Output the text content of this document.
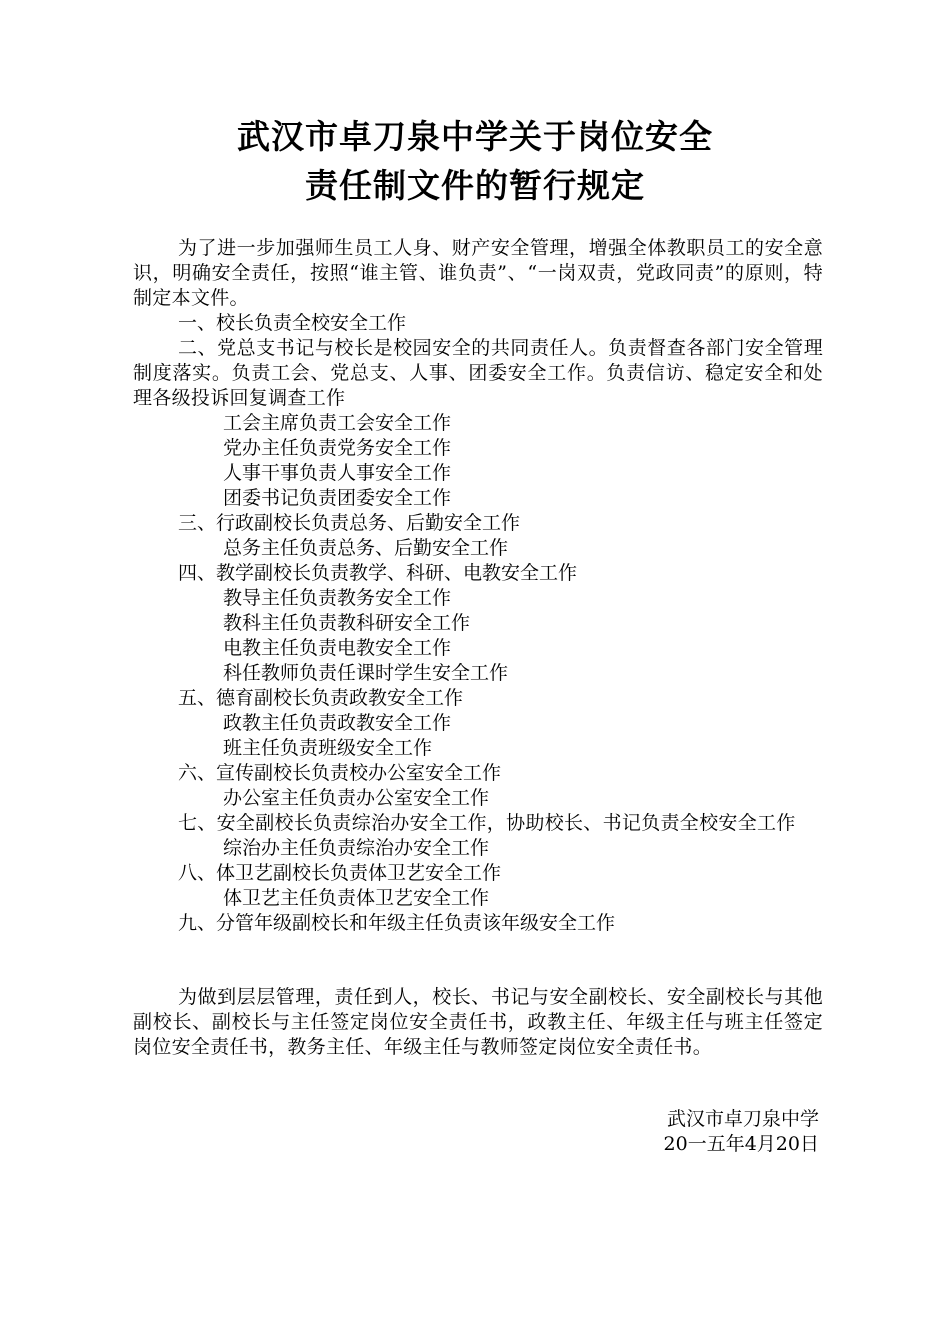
武汉市卓刀泉中学关于岗位安全
责任制文件的暂行规定

为了进一步加强师生员工人身、财产安全管理，增强全体教职员工的安全意识，明确安全责任，按照“谁主管、谁负责”、“一岗双责，党政同责”的原则，特制定本文件。

一、校长负责全校安全工作

二、党总支书记与校长是校园安全的共同责任人。负责督查各部门安全管理制度落实。负责工会、党总支、人事、团委安全工作。负责信访、稳定安全和处理各级投诉回复调查工作

工会主席负责工会安全工作

党办主任负责党务安全工作

人事干事负责人事安全工作

团委书记负责团委安全工作

三、行政副校长负责总务、后勤安全工作

总务主任负责总务、后勤安全工作

四、教学副校长负责教学、科研、电教安全工作

教导主任负责教务安全工作

教科主任负责教科研安全工作

电教主任负责电教安全工作

科任教师负责任课时学生安全工作

五、德育副校长负责政教安全工作

政教主任负责政教安全工作

班主任负责班级安全工作

六、宣传副校长负责校办公室安全工作

办公室主任负责办公室安全工作

七、安全副校长负责综治办安全工作，协助校长、书记负责全校安全工作

综治办主任负责综治办安全工作

八、体卫艺副校长负责体卫艺安全工作

体卫艺主任负责体卫艺安全工作

九、分管年级副校长和年级主任负责该年级安全工作

为做到层层管理，责任到人，校长、书记与安全副校长、安全副校长与其他副校长、副校长与主任签定岗位安全责任书，政教主任、年级主任与班主任签定岗位安全责任书，教务主任、年级主任与教师签定岗位安全责任书。

武汉市卓刀泉中学
20一五年4月20日
